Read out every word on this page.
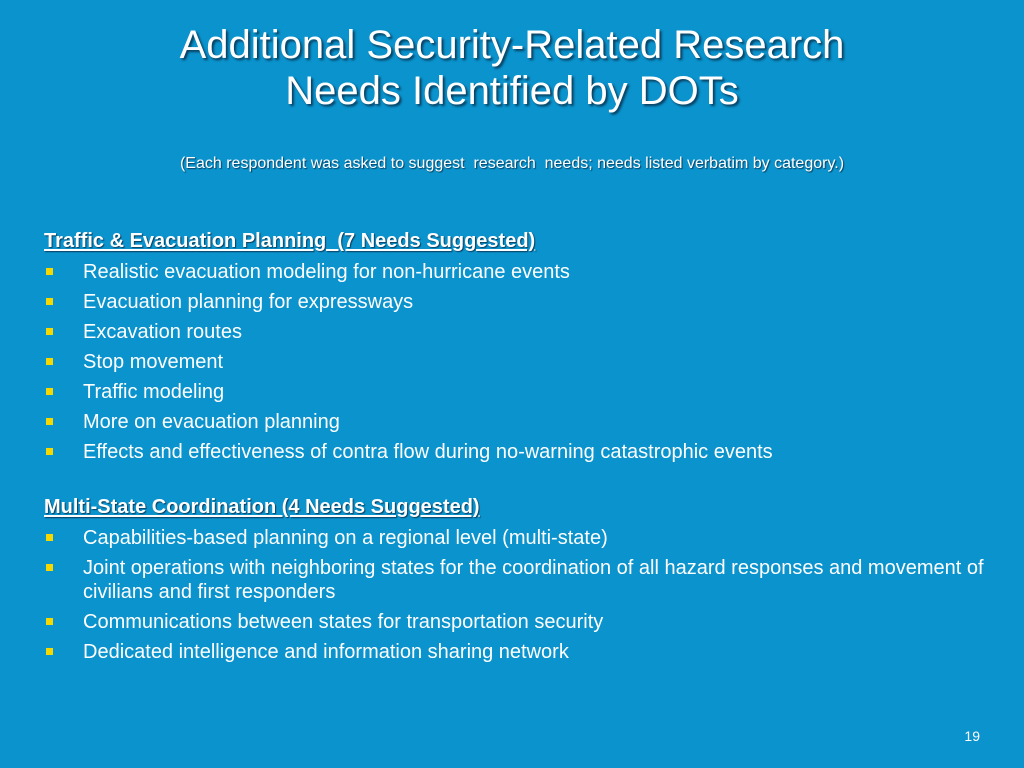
Additional Security-Related Research
Needs Identified by DOTs
(Each respondent was asked to suggest  research  needs; needs listed verbatim by category.)
Traffic & Evacuation Planning  (7 Needs Suggested)
Realistic evacuation modeling for non-hurricane events
Evacuation planning for expressways
Excavation routes
Stop movement
Traffic modeling
More on evacuation planning
Effects and effectiveness of contra flow during no-warning catastrophic events
Multi-State Coordination (4 Needs Suggested)
Capabilities-based planning on a regional level (multi-state)
Joint operations with neighboring states for the coordination of all hazard responses and movement of civilians and first responders
Communications between states for transportation security
Dedicated intelligence and information sharing network
19
